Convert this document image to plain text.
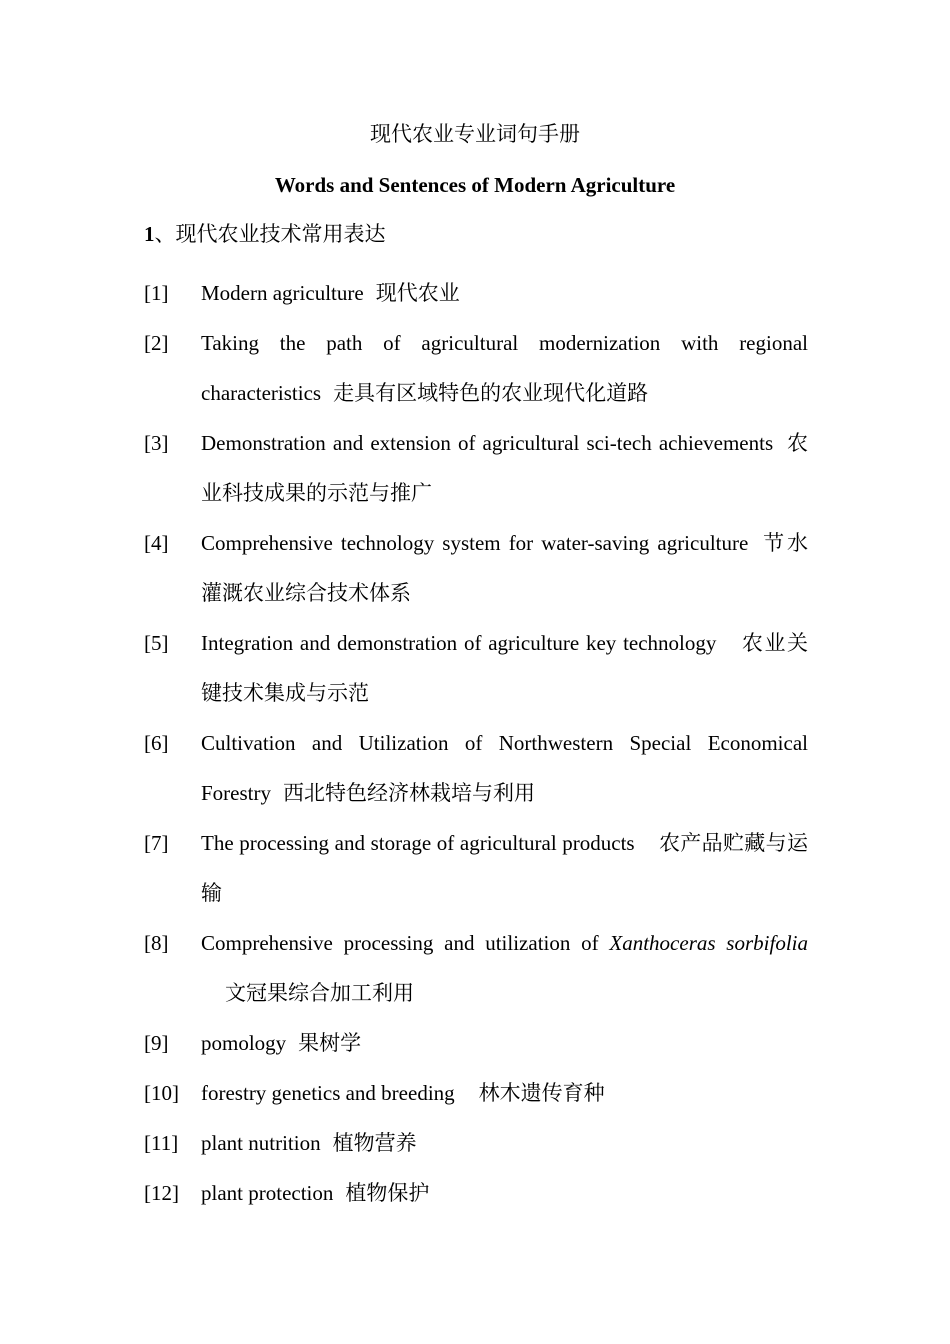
现代农业专业词句手册
Words and Sentences of Modern Agriculture
1、现代农业技术常用表达
[1] Modern agriculture 现代农业
[2] Taking the path of agricultural modernization with regional characteristics 走具有区域特色的农业现代化道路
[3] Demonstration and extension of agricultural sci-tech achievements 农业科技成果的示范与推广
[4] Comprehensive technology system for water-saving agriculture 节水灌溉农业综合技术体系
[5] Integration and demonstration of agriculture key technology 农业关键技术集成与示范
[6] Cultivation and Utilization of Northwestern Special Economical Forestry 西北特色经济林栽培与利用
[7] The processing and storage of agricultural products 农产品贮藏与运输
[8] Comprehensive processing and utilization of Xanthoceras sorbifolia文冠果综合加工利用
[9] pomology 果树学
[10] forestry genetics and breeding 林木遗传育种
[11] plant nutrition 植物营养
[12] plant protection 植物保护
